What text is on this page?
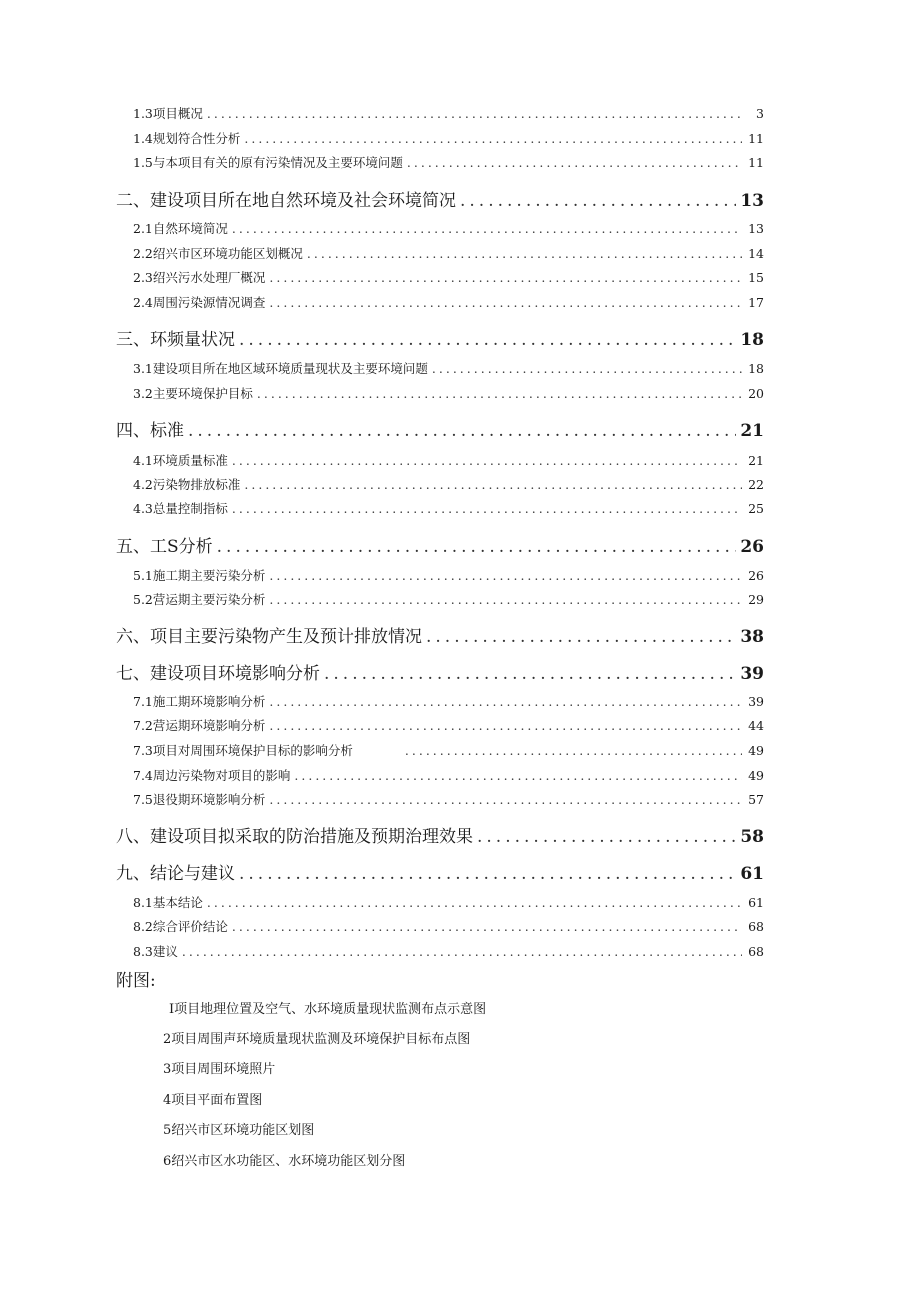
1.3 项目概况 .....	3
1.4 规划符合性分析 .....	11
1.5 与本项目有关的原有污染情况及主要环境问题 .....	11
二、 建设项目所在地自然环境及社会环境简况 .....	13
2.1 自然环境简况 .....	13
2.2 绍兴市区环境功能区划概况 .....	14
2.3 绍兴污水处理厂概况 .....	15
2.4 周围污染源情况调查 .....	17
三、 环频量状况 .....	18
3.1 建设项目所在地区域环境质量现状及主要环境问题 .....	18
3.2 主要环境保护目标 .....	20
四、 标准 .....	21
4.1 环境质量标准 .....	21
4.2 污染物排放标准 .....	22
4.3 总量控制指标 .....	25
五、 工S分析 .....	26
5.1 施工期主要污染分析 .....	26
5.2 营运期主要污染分析 .....	29
六、 项目主要污染物产生及预计排放情况 .....	38
七、 建设项目环境影响分析 .....	39
7.1 施工期环境影响分析 .....	39
7.2 营运期环境影响分析 .....	44
7.3 项目对周围环境保护目标的影响分析 .....	49
7.4 周边污染物对项目的影响 .....	49
7.5 退役期环境影响分析 .....	57
八、 建设项目拟采取的防治措施及预期治理效果 .....	58
九、 结论与建议 .....	61
8.1 基本结论 .....	61
8.2 综合评价结论 .....	68
8.3 建议 .....	68
附图:
I项目地理位置及空气、水环境质量现状监测布点示意图
2项目周围声环境质量现状监测及环境保护目标布点图
3项目周围环境照片
4项目平面布置图
5绍兴市区环境功能区划图
6绍兴市区水功能区、水环境功能区划分图
